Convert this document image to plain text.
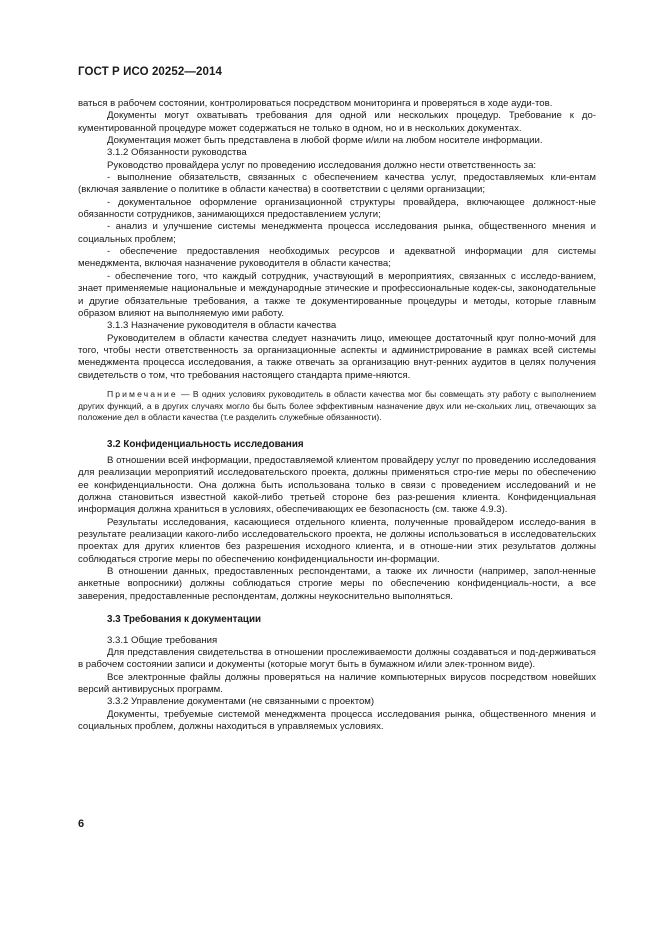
ГОСТ Р ИСО 20252—2014

ваться в рабочем состоянии, контролироваться посредством мониторинга и проверяться в ходе ауди-тов.

Документы могут охватывать требования для одной или нескольких процедур. Требование к до-кументированной процедуре может содержаться не только в одном, но и в нескольких документах.

Документация может быть представлена в любой форме и/или на любом носителе информации.

3.1.2 Обязанности руководства

Руководство провайдера услуг по проведению исследования должно нести ответственность за:

- выполнение обязательств, связанных с обеспечением качества услуг, предоставляемых кли-ентам (включая заявление о политике в области качества) в соответствии с целями организации;

- документальное оформление организационной структуры провайдера, включающее должност-ные обязанности сотрудников, занимающихся предоставлением услуги;

- анализ и улучшение системы менеджмента процесса исследования рынка, общественного мнения и социальных проблем;

- обеспечение предоставления необходимых ресурсов и адекватной информации для системы менеджмента, включая назначение руководителя в области качества;

- обеспечение того, что каждый сотрудник, участвующий в мероприятиях, связанных с исследо-ванием, знает применяемые национальные и международные этические и профессиональные кодек-сы, законодательные и другие обязательные требования, а также те документированные процедуры и методы, которые главным образом влияют на выполняемую ими работу.

3.1.3 Назначение руководителя в области качества

Руководителем в области качества следует назначить лицо, имеющее достаточный круг полно-мочий для того, чтобы нести ответственность за организационные аспекты и администрирование в рамках всей системы менеджмента процесса исследования, а также отвечать за организацию внут-ренних аудитов в целях получения свидетельств о том, что требования настоящего стандарта приме-няются.

Примечание — В одних условиях руководитель в области качества мог бы совмещать эту работу с выполнением других функций, а в других случаях могло бы быть более эффективным назначение двух или не-скольких лиц, отвечающих за положение дел в области качества (т.е разделить служебные обязанности).
3.2 Конфиденциальность исследования

В отношении всей информации, предоставляемой клиентом провайдеру услуг по проведению исследования для реализации мероприятий исследовательского проекта, должны применяться стро-гие меры по обеспечению ее конфиденциальности. Она должна быть использована только в связи с проведением исследований и не должна становиться известной какой-либо третьей стороне без раз-решения клиента. Конфиденциальная информация должна храниться в условиях, обеспечивающих ее безопасность (см. также 4.9.3).

Результаты исследования, касающиеся отдельного клиента, полученные провайдером исследо-вания в результате реализации какого-либо исследовательского проекта, не должны использоваться в исследовательских проектах для других клиентов без разрешения исходного клиента, и в отноше-нии этих результатов должны соблюдаться строгие меры по обеспечению конфиденциальности ин-формации.

В отношении данных, предоставленных респондентами, а также их личности (например, запол-ненные анкетные вопросники) должны соблюдаться строгие меры по обеспечению конфиденциаль-ности, а все заверения, предоставленные респондентам, должны неукоснительно выполняться.

3.3 Требования к документации

3.3.1 Общие требования

Для представления свидетельства в отношении прослеживаемости должны создаваться и под-держиваться в рабочем состоянии записи и документы (которые могут быть в бумажном и/или элек-тронном виде).

Все электронные файлы должны проверяться на наличие компьютерных вирусов посредством новейших версий антивирусных программ.

3.3.2 Управление документами (не связанными с проектом)

Документы, требуемые системой менеджмента процесса исследования рынка, общественного мнения и социальных проблем, должны находиться в управляемых условиях.

6
